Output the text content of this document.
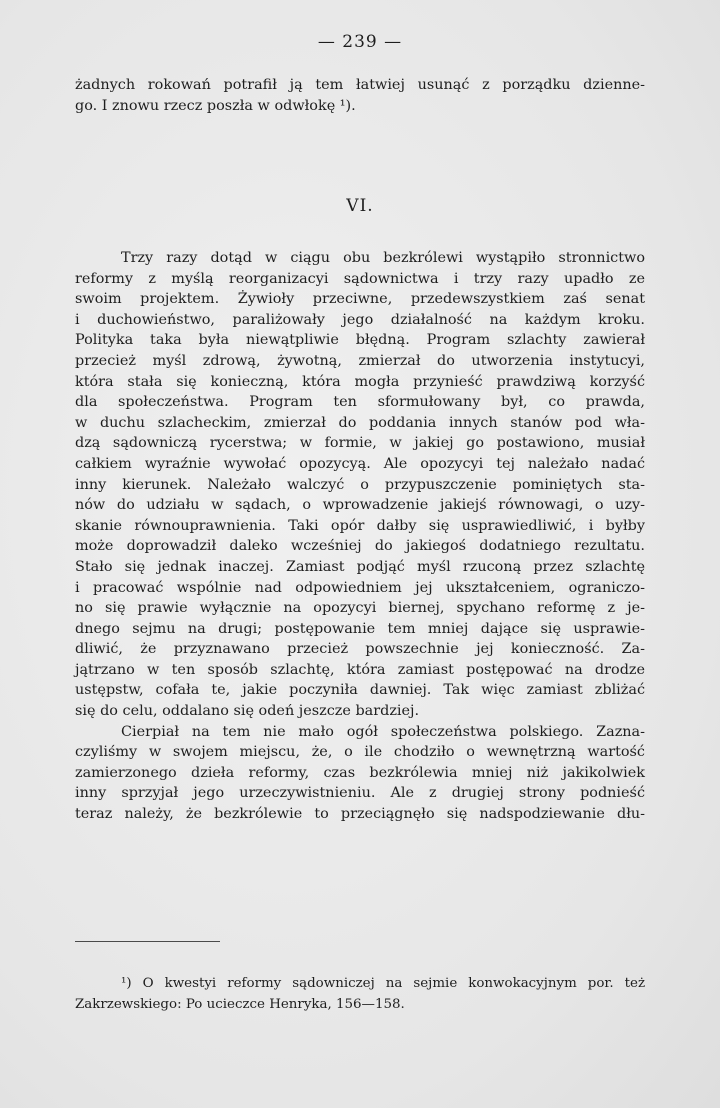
— 239 —
żadnych rokowań potrafił ją tem łatwiej usunąć z porządku dzienne-
go. I znowu rzecz poszła w odwłokę ¹).
VI.
Trzy razy dotąd w ciągu obu bezkrólewi wystąpiło stronnictwo
reformy z myślą reorganizacyi sądownictwa i trzy razy upadło ze
swoim projektem. Żywioły przeciwne, przedewszystkiem zaś senat
i duchowieństwo, paraliżowały jego działalność na każdym kroku.
Polityka taka była niewątpliwie błędną. Program szlachty zawierał
przecież myśl zdrową, żywotną, zmierzał do utworzenia instytucyi,
która stała się konieczną, która mogła przynieść prawdziwą korzyść
dla społeczeństwa. Program ten sformułowany był, co prawda,
w duchu szlacheckim, zmierzał do poddania innych stanów pod wła-
dzą sądowniczą rycerstwa; w formie, w jakiej go postawiono, musiał
całkiem wyraźnie wywołać opozycyą. Ale opozycyi tej należało nadać
inny kierunek. Należało walczyć o przypuszczenie pominiętych sta-
nów do udziału w sądach, o wprowadzenie jakiejś równowagi, o uzy-
skanie równouprawnienia. Taki opór dałby się usprawiedliwić, i byłby
może doprowadził daleko wcześniej do jakiegoś dodatniego rezultatu.
Stało się jednak inaczej. Zamiast podjąć myśl rzuconą przez szlachtę
i pracować wspólnie nad odpowiedniem jej ukształceniem, ograniczo-
no się prawie wyłącznie na opozycyi biernej, spychano reformę z je-
dnego sejmu na drugi; postępowanie tem mniej dające się usprawie-
dliwić, że przyznawano przecież powszechnie jej konieczność. Za-
jątrzano w ten sposób szlachtę, która zamiast postępować na drodze
ustępstw, cofała te, jakie poczyniła dawniej. Tak więc zamiast zbliżać
się do celu, oddalano się odeń jeszcze bardziej.
Cierpiał na tem nie mało ogół społeczeństwa polskiego. Zazna-
czyliśmy w swojem miejscu, że, o ile chodziło o wewnętrzną wartość
zamierzonego dzieła reformy, czas bezkrólewia mniej niż jakikolwiek
inny sprzyjał jego urzeczywistnieniu. Ale z drugiej strony podnieść
teraz należy, że bezkrólewie to przeciągnęło się nadspodziewanie dłu-
¹) O kwestyi reformy sądowniczej na sejmie konwokacyjnym por. też
Zakrzewskiego: Po ucieczce Henryka, 156—158.
